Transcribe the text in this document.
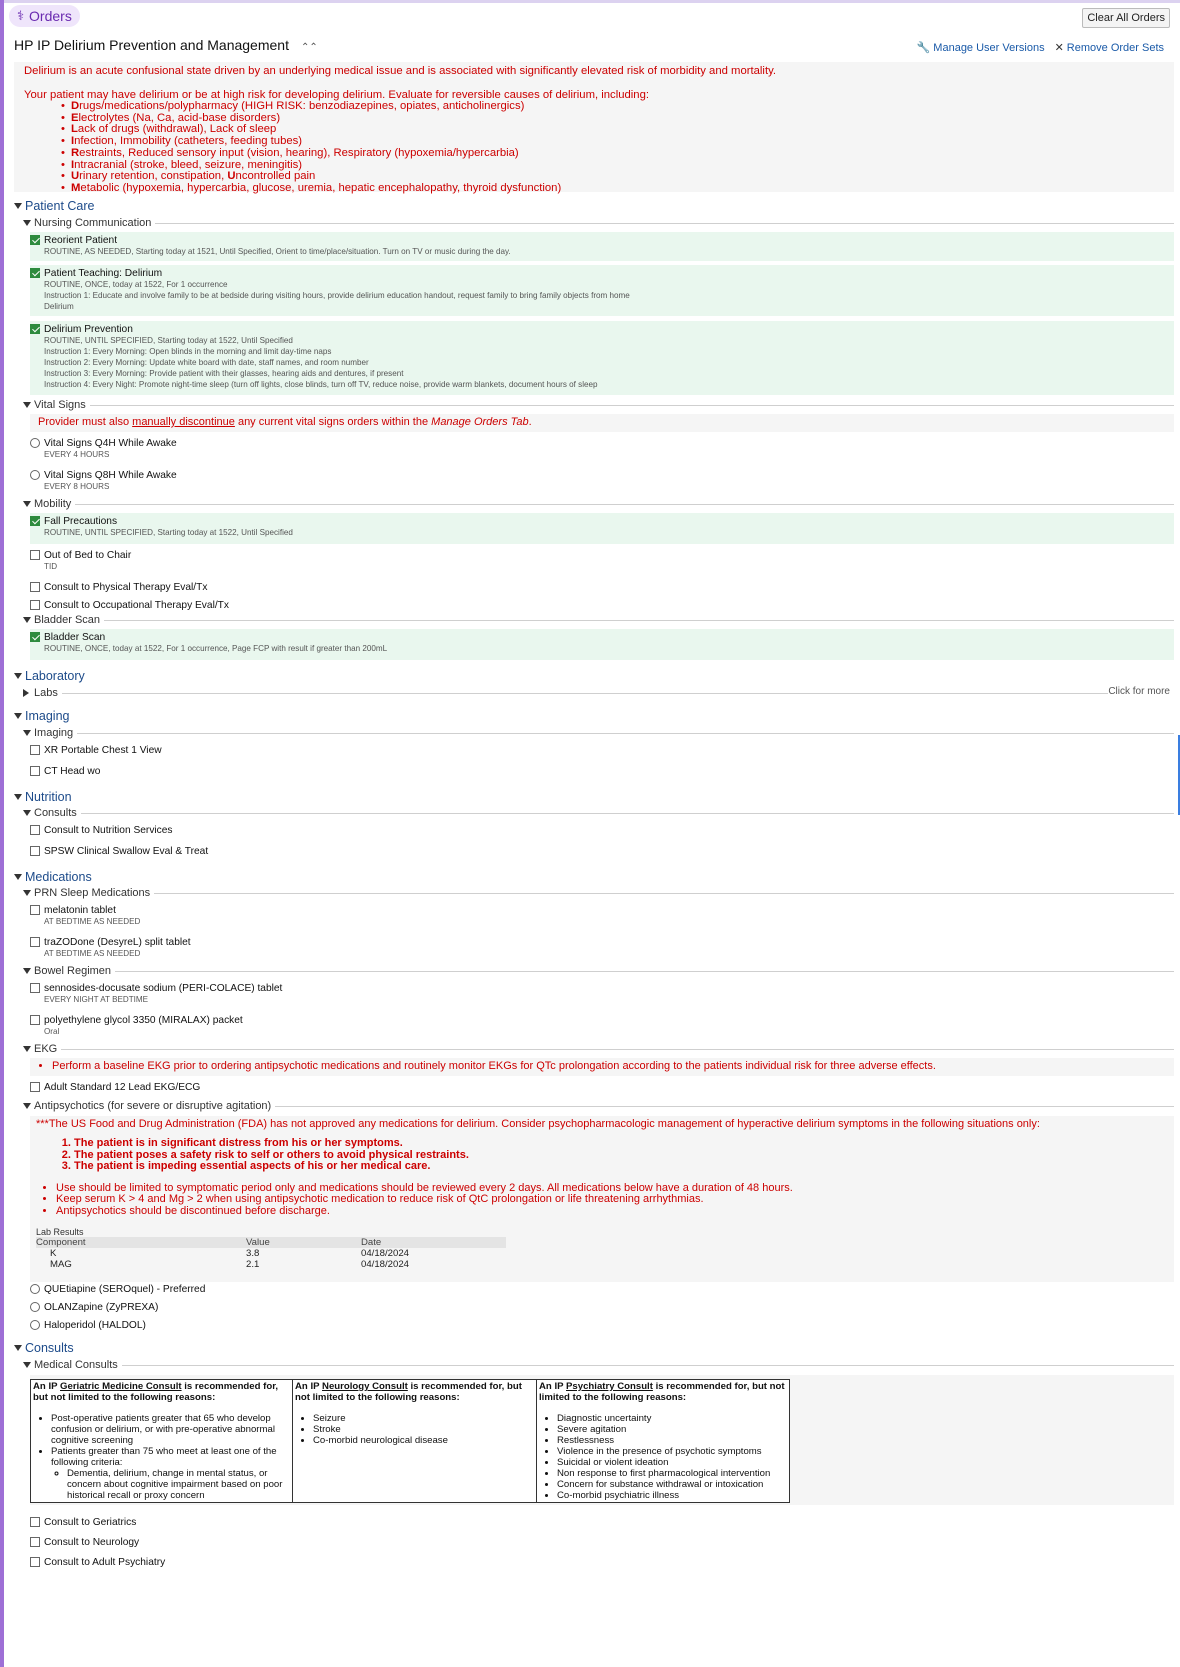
⚕ Orders	Clear All Orders
HP IP Delirium Prevention and Management ⌃⌃	🔧 Manage User Versions ✕ Remove Order Sets

Delirium is an acute confusional state driven by an underlying medical issue and is associated with significantly elevated risk of morbidity and mortality.

Your patient may have delirium or be at high risk for developing delirium. Evaluate for reversible causes of delirium, including:

• Drugs/medications/polypharmacy (HIGH RISK: benzodiazepines, opiates, anticholinergics)
• Electrolytes (Na, Ca, acid-base disorders)
• Lack of drugs (withdrawal), Lack of sleep
• Infection, Immobility (catheters, feeding tubes)
• Restraints, Reduced sensory input (vision, hearing), Respiratory (hypoxemia/hypercarbia)
• Intracranial (stroke, bleed, seizure, meningitis)
• Urinary retention, constipation, Uncontrolled pain
• Metabolic (hypoxemia, hypercarbia, glucose, uremia, hepatic encephalopathy, thyroid dysfunction)
Patient Care
Nursing Communication
Reorient Patient
ROUTINE, AS NEEDED, Starting today at 1521, Until Specified, Orient to time/place/situation. Turn on TV or music during the day.
Patient Teaching: Delirium
ROUTINE, ONCE, today at 1522, For 1 occurrence
Instruction 1: Educate and involve family to be at bedside during visiting hours, provide delirium education handout, request family to bring family objects from home
Delirium
Delirium Prevention
ROUTINE, UNTIL SPECIFIED, Starting today at 1522, Until Specified
Instruction 1: Every Morning: Open blinds in the morning and limit day-time naps
Instruction 2: Every Morning: Update white board with date, staff names, and room number
Instruction 3: Every Morning: Provide patient with their glasses, hearing aids and dentures, if present
Instruction 4: Every Night: Promote night-time sleep (turn off lights, close blinds, turn off TV, reduce noise, provide warm blankets, document hours of sleep
Vital Signs
Provider must also manually discontinue any current vital signs orders within the Manage Orders Tab.
Vital Signs Q4H While Awake
EVERY 4 HOURS
Vital Signs Q8H While Awake
EVERY 8 HOURS
Mobility
Fall Precautions
ROUTINE, UNTIL SPECIFIED, Starting today at 1522, Until Specified
Out of Bed to Chair
TID
Consult to Physical Therapy Eval/Tx
Consult to Occupational Therapy Eval/Tx
Bladder Scan
Bladder Scan
ROUTINE, ONCE, today at 1522, For 1 occurrence, Page FCP with result if greater than 200mL
Laboratory
Labs	Click for more
Imaging
Imaging
XR Portable Chest 1 View
CT Head wo
Nutrition
Consults
Consult to Nutrition Services
SPSW Clinical Swallow Eval & Treat
Medications
PRN Sleep Medications
melatonin tablet
AT BEDTIME AS NEEDED
traZODone (DesyreL) split tablet
AT BEDTIME AS NEEDED
Bowel Regimen
sennosides-docusate sodium (PERI-COLACE) tablet
EVERY NIGHT AT BEDTIME
polyethylene glycol 3350 (MIRALAX) packet
Oral
EKG
• Perform a baseline EKG prior to ordering antipsychotic medications and routinely monitor EKGs for QTc prolongation according to the patients individual risk for three adverse effects.
Adult Standard 12 Lead EKG/ECG
Antipsychotics (for severe or disruptive agitation)
***The US Food and Drug Administration (FDA) has not approved any medications for delirium. Consider psychopharmacologic management of hyperactive delirium symptoms in the following situations only:
1. The patient is in significant distress from his or her symptoms.
2. The patient poses a safety risk to self or others to avoid physical restraints.
3. The patient is impeding essential aspects of his or her medical care.
• Use should be limited to symptomatic period only and medications should be reviewed every 2 days. All medications below have a duration of 48 hours.
• Keep serum K > 4 and Mg > 2 when using antipsychotic medication to reduce risk of QtC prolongation or life threatening arrhythmias.
• Antipsychotics should be discontinued before discharge.
Lab Results
Component	Value	Date
K	3.8	04/18/2024
MAG	2.1	04/18/2024
QUEtiapine (SEROquel) - Preferred
OLANZapine (ZyPREXA)
Haloperidol (HALDOL)
Consults
Medical Consults
An IP Geriatric Medicine Consult is recommended for, but not limited to the following reasons:
• Post-operative patients greater that 65 who develop confusion or delirium, or with pre-operative abnormal cognitive screening
• Patients greater than 75 who meet at least one of the following criteria:
◦ Dementia, delirium, change in mental status, or concern about cognitive impairment based on poor historical recall or proxy concern

An IP Neurology Consult is recommended for, but not limited to the following reasons:
• Seizure
• Stroke
• Co-morbid neurological disease

An IP Psychiatry Consult is recommended for, but not limited to the following reasons:
• Diagnostic uncertainty
• Severe agitation
• Restlessness
• Violence in the presence of psychotic symptoms
• Suicidal or violent ideation
• Non response to first pharmacological intervention
• Concern for substance withdrawal or intoxication
• Co-morbid psychiatric illness
Consult to Geriatrics
Consult to Neurology
Consult to Adult Psychiatry
